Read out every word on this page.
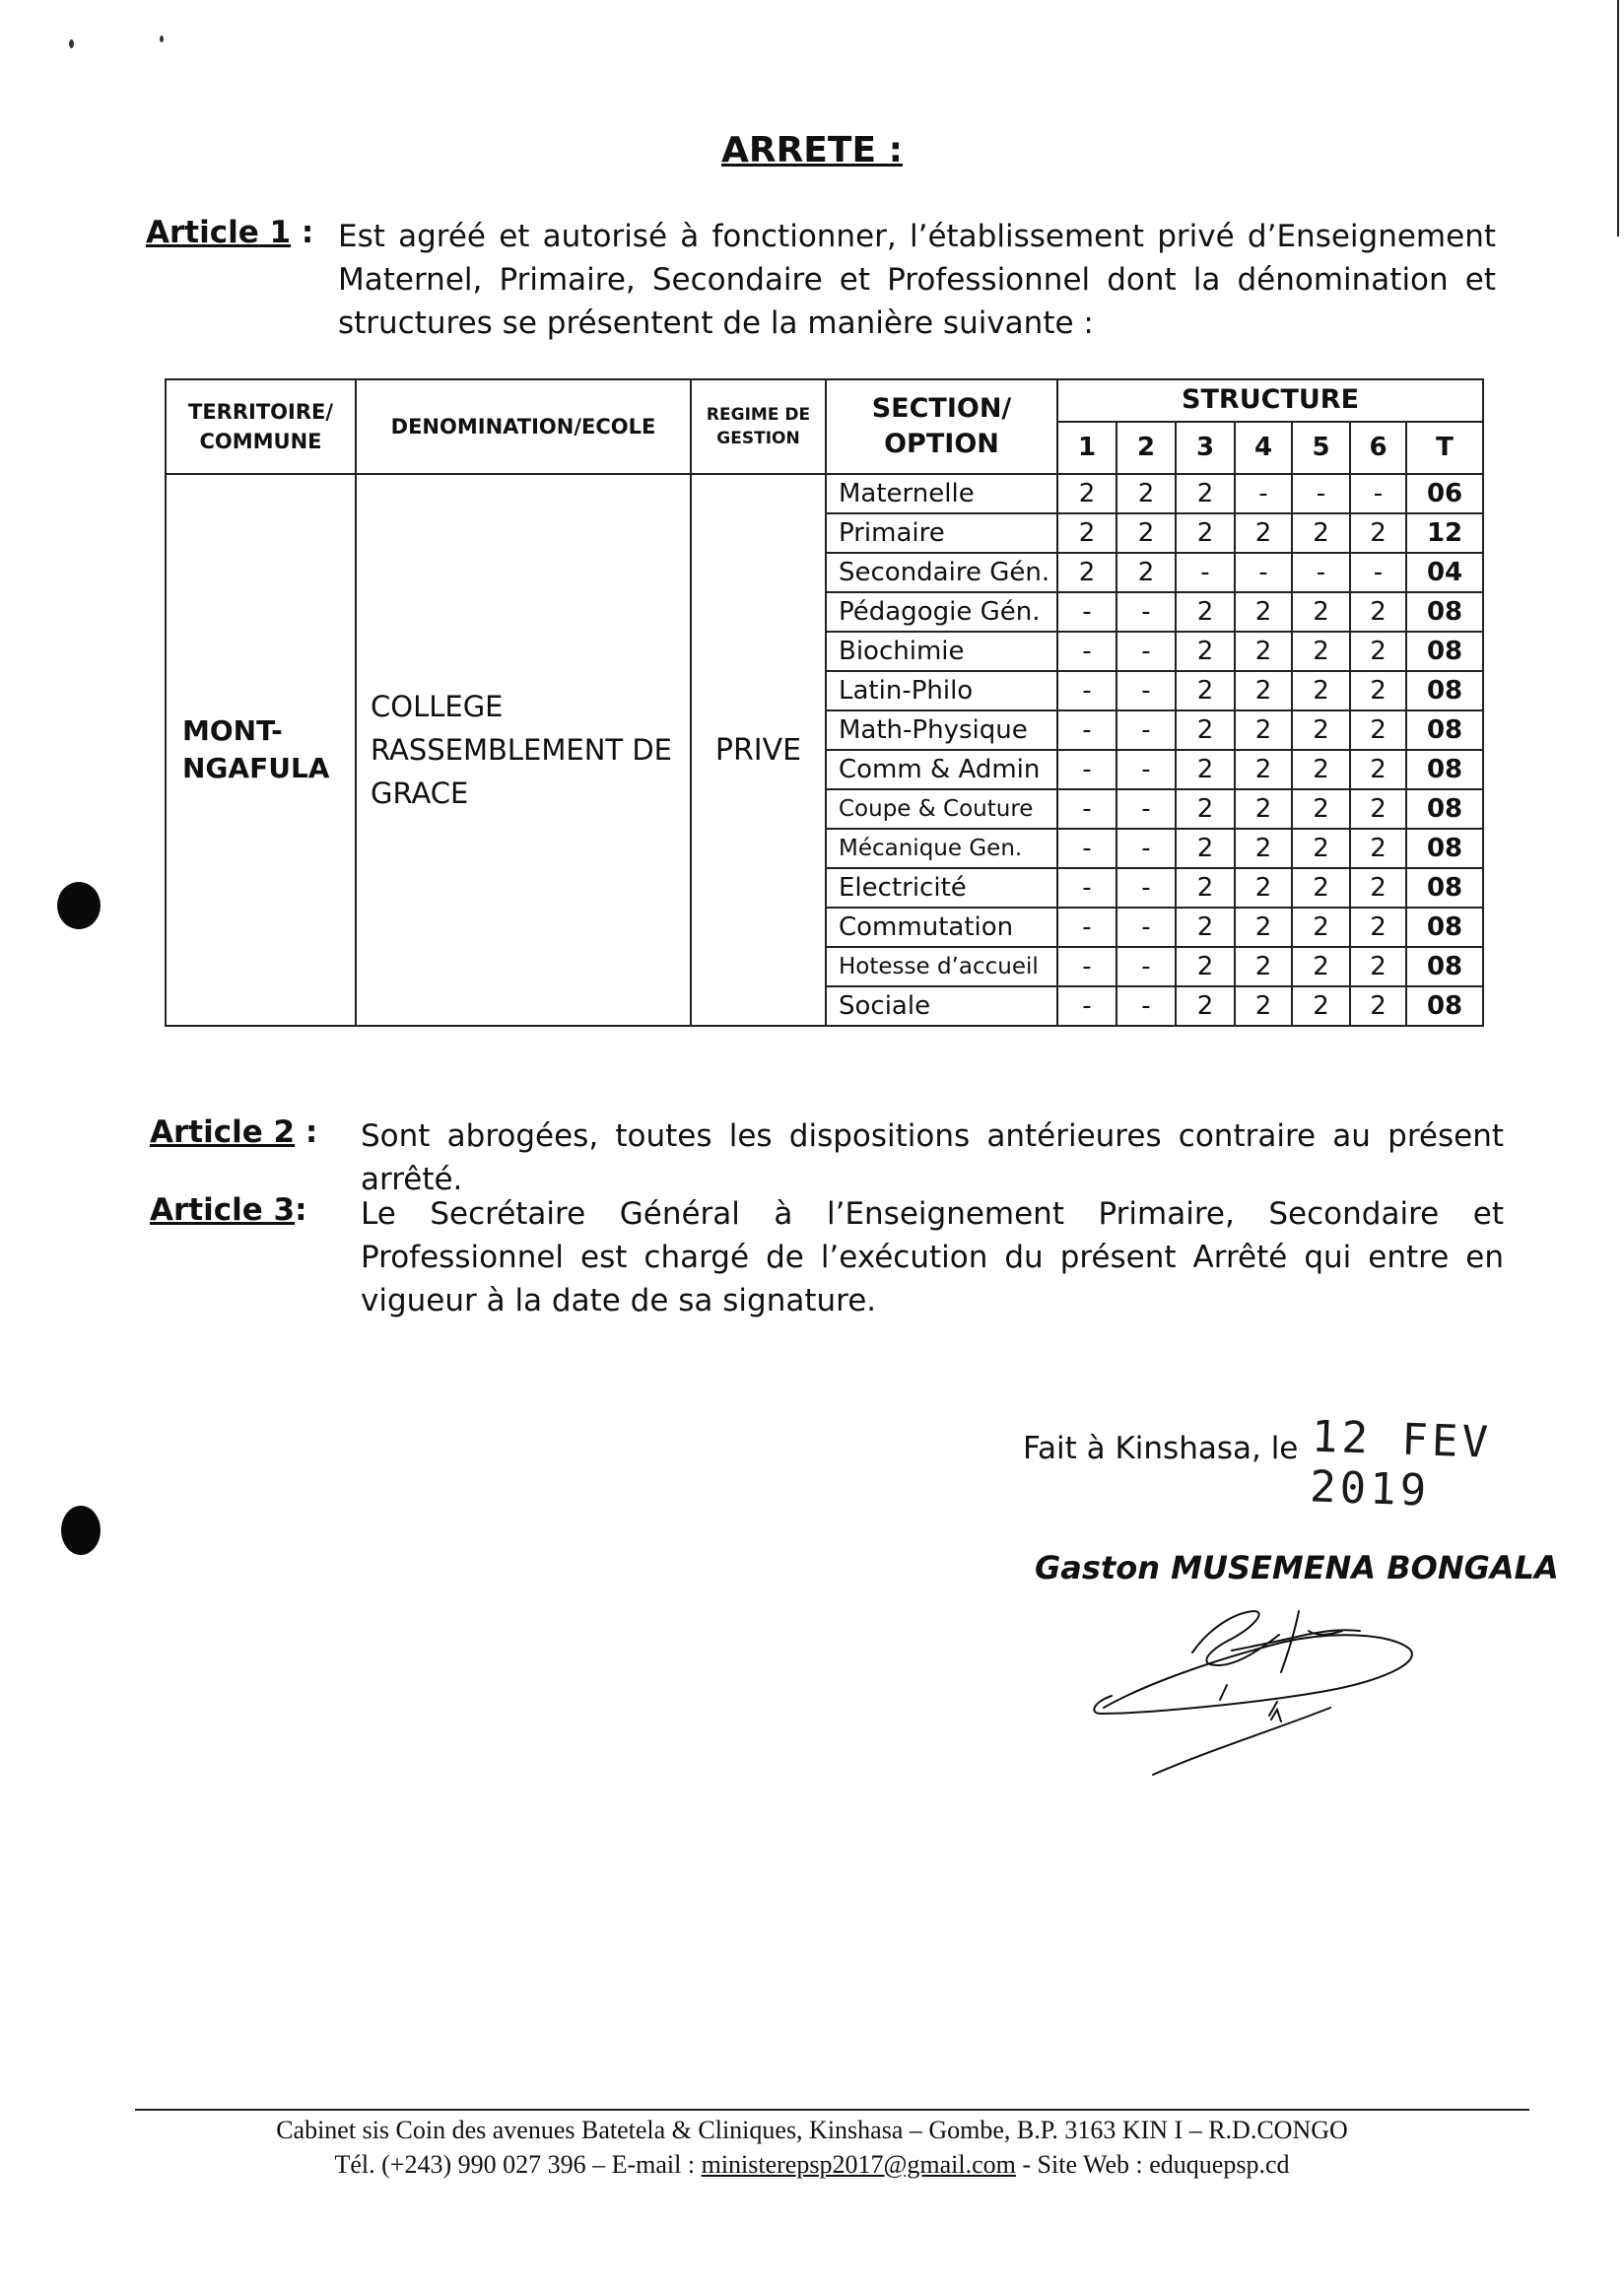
ARRETE :
Article 1 : Est agréé et autorisé à fonctionner, l’établissement privé d’Enseignement Maternel, Primaire, Secondaire et Professionnel dont la dénomination et structures se présentent de la manière suivante :
TERRITOIRE/ COMMUNE	DENOMINATION/ECOLE	REGIME DE GESTION	SECTION/ OPTION	STRUCTURE						
				1	2	3	4	5	6	T
MONT-NGAFULA	COLLEGE RASSEMBLEMENT DE GRACE	PRIVE	Maternelle	2	2	2	-	-	-	06
			Primaire	2	2	2	2	2	2	12
			Secondaire Gén.	2	2	-	-	-	-	04
			Pédagogie Gén.	-	-	2	2	2	2	08
			Biochimie	-	-	2	2	2	2	08
			Latin-Philo	-	-	2	2	2	2	08
			Math-Physique	-	-	2	2	2	2	08
			Comm & Admin	-	-	2	2	2	2	08
			Coupe & Couture	-	-	2	2	2	2	08
			Mécanique Gen.	-	-	2	2	2	2	08
			Electricité	-	-	2	2	2	2	08
			Commutation	-	-	2	2	2	2	08
			Hotesse d’accueil	-	-	2	2	2	2	08
			Sociale	-	-	2	2	2	2	08
Article 2 : Sont abrogées, toutes les dispositions antérieures contraire au présent arrêté.
Article 3: Le Secrétaire Général à l’Enseignement Primaire, Secondaire et Professionnel est chargé de l’exécution du présent Arrêté qui entre en vigueur à la date de sa signature.
Fait à Kinshasa, le 12 FEV 2019
Gaston MUSEMENA BONGALA
Cabinet sis Coin des avenues Batetela & Cliniques, Kinshasa – Gombe, B.P. 3163 KIN I – R.D.CONGO
Tél. (+243) 990 027 396 – E-mail : ministerepsp2017@gmail.com - Site Web : eduquepsp.cd
